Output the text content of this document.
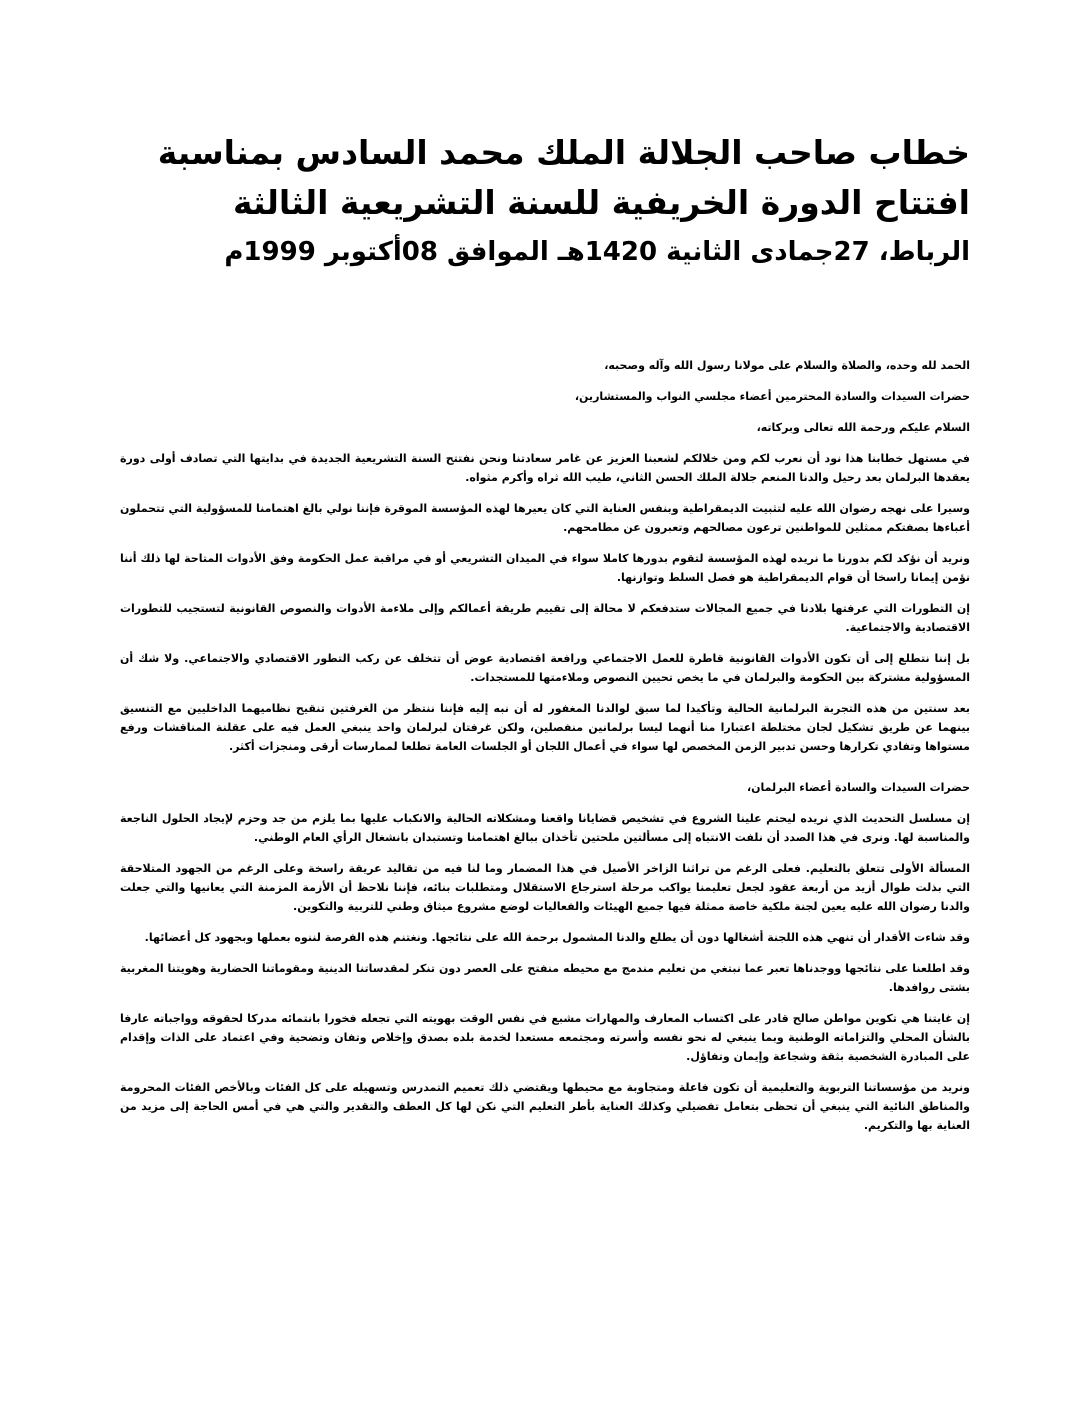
خطاب صاحب الجلالة الملك محمد السادس بمناسبة
افتتاح الدورة الخريفية للسنة التشريعية الثالثة
الرباط، 27جمادى الثانية 1420هـ الموافق 08أكتوبر 1999م

الحمد لله وحده، والصلاة والسلام على مولانا رسول الله وآله وصحبه،

حضرات السيدات والسادة المحترمين أعضاء مجلسي النواب والمستشارين،

السلام عليكم ورحمة الله تعالى وبركاته،

في مستهل خطابنا هذا نود أن نعرب لكم ومن خلالكم لشعبنا العزيز عن غامر سعادتنا ونحن نفتتح السنة التشريعية الجديدة في بدايتها التي تصادف أولى دورة يعقدها البرلمان بعد رحيل والدنا المنعم جلالة الملك الحسن الثاني، طيب الله ثراه وأكرم مثواه.

وسيرا على نهجه رضوان الله عليه لتثبيت الديمقراطية وبنفس العناية التي كان يعيرها لهذه المؤسسة الموقرة فإننا نولي بالغ اهتمامنا للمسؤولية التي تتحملون أعباءها بصفتكم ممثلين للمواطنين ترعون مصالحهم وتعبرون عن مطامحهم.

ونريد أن نؤكد لكم بدورنا ما نريده لهذه المؤسسة لتقوم بدورها كاملا سواء في الميدان التشريعي أو في مراقبة عمل الحكومة وفق الأدوات المتاحة لها ذلك أننا نؤمن إيمانا راسخا أن قوام الديمقراطية هو فصل السلط وتوازنها.

إن التطورات التي عرفتها بلادنا في جميع المجالات ستدفعكم لا محالة إلى تقييم طريقة أعمالكم وإلى ملاءمة الأدوات والنصوص القانونية لتستجيب للتطورات الاقتصادية والاجتماعية.

بل إننا نتطلع إلى أن تكون الأدوات القانونية قاطرة للعمل الاجتماعي ورافعة اقتصادية عوض أن تتخلف عن ركب التطور الاقتصادي والاجتماعي. ولا شك أن المسؤولية مشتركة بين الحكومة والبرلمان في ما يخص تحيين النصوص وملاءمتها للمستجدات.

بعد سنتين من هذه التجربة البرلمانية الحالية وتأكيدا لما سبق لوالدنا المغفور له أن نبه إليه فإننا ننتظر من الغرفتين تنقيح نظاميهما الداخليين مع التنسيق بينهما عن طريق تشكيل لجان مختلطة اعتبارا منا أنهما ليسا برلمانين منفصلين، ولكن غرفتان لبرلمان واحد ينبغي العمل فيه على عقلنة المناقشات ورفع مستواها وتفادي تكرارها وحسن تدبير الزمن المخصص لها سواء في أعمال اللجان أو الجلسات العامة تطلعا لممارسات أرقى ومنجزات أكثر.

حضرات السيدات والسادة أعضاء البرلمان،

إن مسلسل التحديث الذي نريده ليحتم علينا الشروع في تشخيص قضايانا واقعنا ومشكلاته الحالية والانكباب عليها بما يلزم من جد وحزم لإيجاد الحلول الناجعة والمناسبة لها. ونرى في هذا الصدد أن نلفت الانتباه إلى مسألتين ملحتين تأخذان ببالغ اهتمامنا وتستبدان بانشغال الرأي العام الوطني.

المسألة الأولى تتعلق بالتعليم. فعلى الرغم من تراثنا الزاخر الأصيل في هذا المضمار وما لنا فيه من تقاليد عريقة راسخة وعلى الرغم من الجهود المتلاحقة التي بذلت طوال أزيد من أربعة عقود لجعل تعليمنا يواكب مرحلة استرجاع الاستقلال ومتطلبات بنائه، فإننا نلاحظ أن الأزمة المزمنة التي يعانيها والتي جعلت والدنا رضوان الله عليه يعين لجنة ملكية خاصة ممثلة فيها جميع الهيئات والفعاليات لوضع مشروع ميثاق وطني للتربية والتكوين.

وقد شاءت الأقدار أن تنهي هذه اللجنة أشغالها دون أن يطلع والدنا المشمول برحمة الله على نتائجها. ونغتنم هذه الفرصة لننوه بعملها وبجهود كل أعضائها.

وقد اطلعنا على نتائجها ووجدناها تعبر عما نبتغي من تعليم مندمج مع محيطه منفتح على العصر دون تنكر لمقدساتنا الدينية ومقوماتنا الحضارية وهويتنا المغربية بشتى روافدها.

إن غايتنا هي تكوين مواطن صالح قادر على اكتساب المعارف والمهارات مشبع في نفس الوقت بهويته التي تجعله فخورا بانتمائه مدركا لحقوقه وواجباته عارفا بالشأن المحلي والتزاماته الوطنية وبما ينبغي له نحو نفسه وأسرته ومجتمعه مستعدا لخدمة بلده بصدق وإخلاص وتفان وتضحية وفي اعتماد على الذات وإقدام على المبادرة الشخصية بثقة وشجاعة وإيمان وتفاؤل.

ونريد من مؤسساتنا التربوية والتعليمية أن تكون فاعلة ومتجاوبة مع محيطها ويقتضي ذلك تعميم التمدرس وتسهيله على كل الفئات وبالأخص الفئات المحرومة والمناطق النائية التي ينبغي أن تحظى بتعامل تفضيلي وكذلك العناية بأطر التعليم التي نكن لها كل العطف والتقدير والتي هي في أمس الحاجة إلى مزيد من العناية بها والتكريم.
